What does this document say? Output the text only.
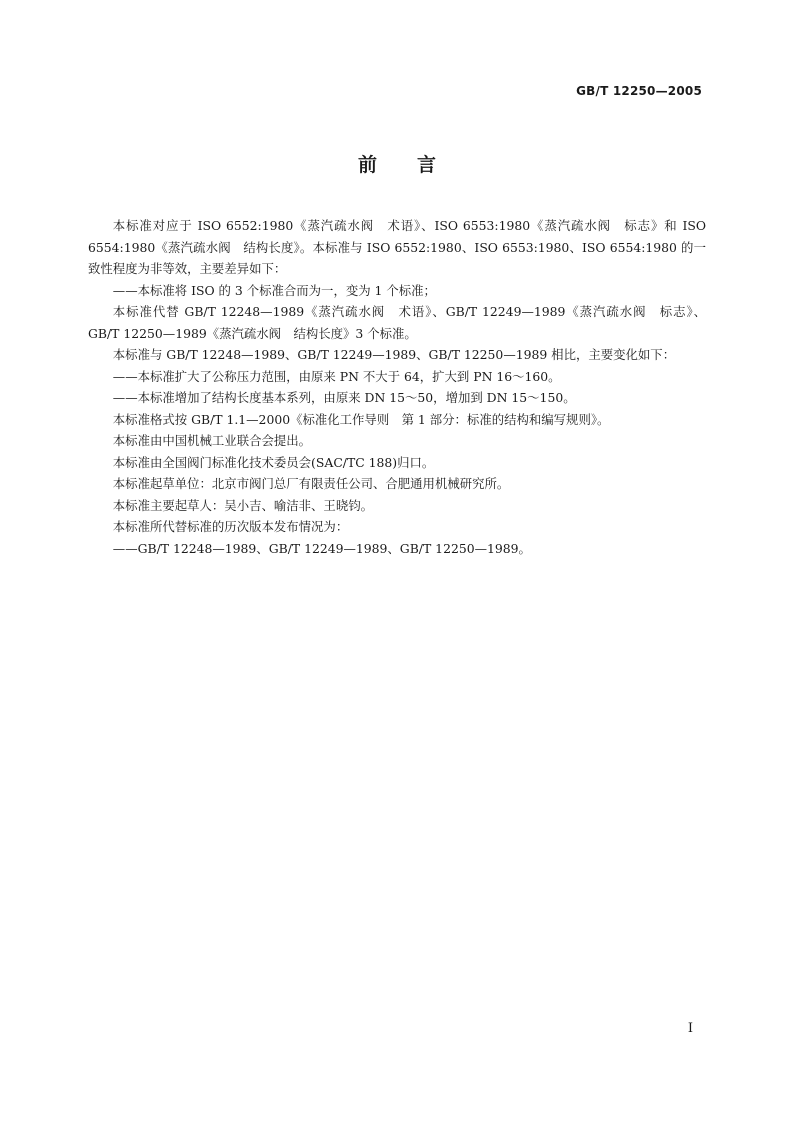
GB/T 12250—2005
前 言

本标准对应于 ISO 6552:1980《蒸汽疏水阀　术语》、ISO 6553:1980《蒸汽疏水阀　标志》和 ISO 6554:1980《蒸汽疏水阀　结构长度》。本标准与 ISO 6552:1980、ISO 6553:1980、ISO 6554:1980 的一致性程度为非等效，主要差异如下：

——本标准将 ISO 的 3 个标准合而为一，变为 1 个标准；

本标准代替 GB/T 12248—1989《蒸汽疏水阀　术语》、GB/T 12249—1989《蒸汽疏水阀　标志》、GB/T 12250—1989《蒸汽疏水阀　结构长度》3 个标准。

本标准与 GB/T 12248—1989、GB/T 12249—1989、GB/T 12250—1989 相比，主要变化如下：

——本标准扩大了公称压力范围，由原来 PN 不大于 64，扩大到 PN 16～160。

——本标准增加了结构长度基本系列，由原来 DN 15～50，增加到 DN 15～150。

本标准格式按 GB/T 1.1—2000《标准化工作导则　第 1 部分：标准的结构和编写规则》。

本标准由中国机械工业联合会提出。

本标准由全国阀门标准化技术委员会(SAC/TC 188)归口。

本标准起草单位：北京市阀门总厂有限责任公司、合肥通用机械研究所。

本标准主要起草人：吴小吉、喻洁非、王晓钧。

本标准所代替标准的历次版本发布情况为：

——GB/T 12248—1989、GB/T 12249—1989、GB/T 12250—1989。

I
